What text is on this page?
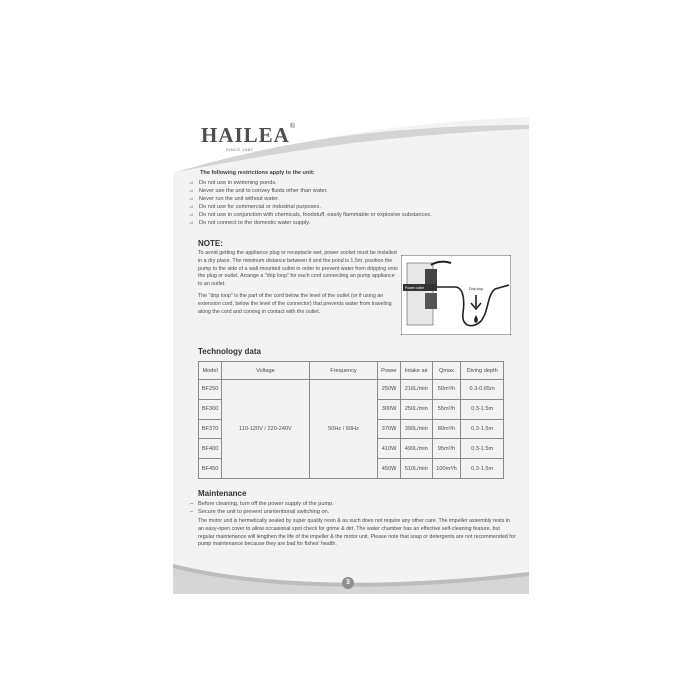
HAILEA®
SINCE 1987
The following restrictions apply to the unit:
⊿ Do not use in swimming ponds.
⊿ Never use the unit to convey fluids other than water.
⊿ Never run the unit without water.
⊿ Do not use for commercial or industrial purposes.
⊿ Do not use in conjunction with chemicals, foodstuff, easily flammable or explosive substances.
⊿ Do not connect to the domestic water supply.
NOTE:

To avoid getting the appliance plug or receptacle wet, power socket must be installed in a dry place. The minimum distance between it and the pond is 1.5m. position the pump to the side of a wall-mounted outlet in order to prevent water from dripping onto the plug or outlet. Arrange a "drip loop" for each cord connecting an pump appliance to an outlet.

The "drip loop" is the part of the cord below the level of the outlet (or if using an extension cord, below the level of the connector) that prevents water from traveling along the cord and coming in contact with the outlet.

Power outlet	Drip loop
Technology data
Model	Voltage	Frequency	Power	Intake air	Qmax	Diving depth
BF250	110-120V / 220-240V	50Hz / 60Hz	250W	216L/min	50m³/h	0.3-0.65m
BF300			300W	250L/min	55m³/h	0.3-1.5m
BF370			370W	390L/min	80m³/h	0.3-1.5m
BF400			410W	490L/min	95m³/h	0.3-1.5m
BF450			450W	510L/min	100m³/h	0.3-1.5m
Maintenance
– Before cleaning, turn off the power supply of the pump.
– Secure the unit to prevent unintentional switching on.

The motor unit is hermetically sealed by super quality resin & as such does not require any other care. The impeller assembly rests in an easy-open cover to allow occasional spot check for grime & dirt. The water chamber has an effective self-cleaning feature, but regular maintenance will lengthen the life of the impeller & the motor unit. Please note that soap or detergents are not recommended for pump maintenance because they are bad for fishes' health.

3
